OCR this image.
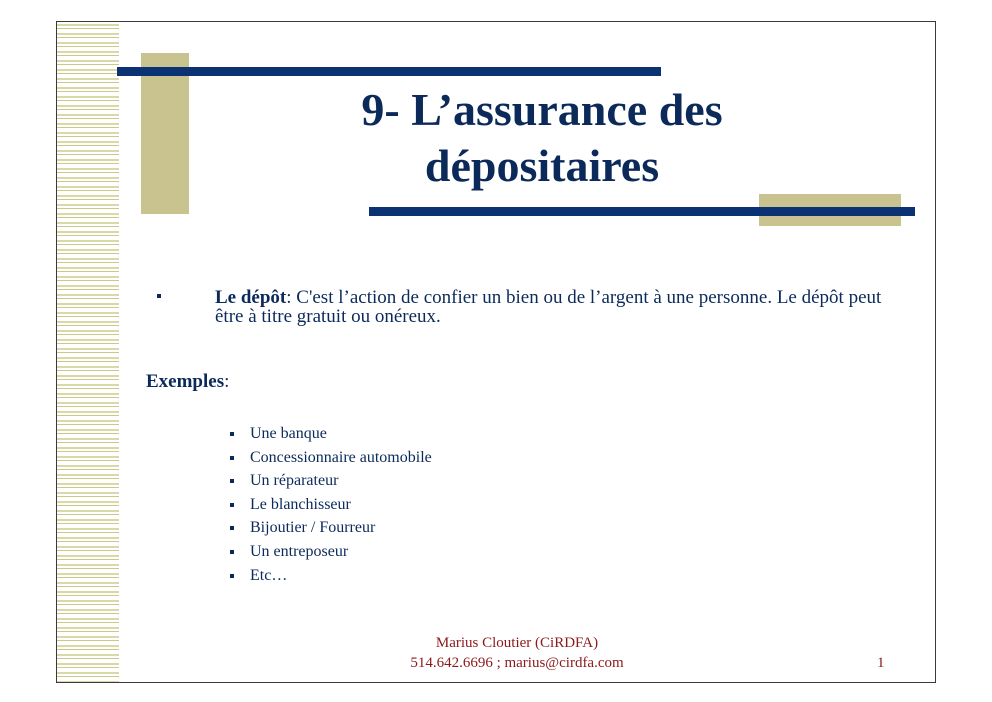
9- L’assurance des
dépositaires
Le dépôt: C'est l’action de confier un bien ou de l’argent à une personne. Le dépôt peut être à titre gratuit ou onéreux.
Exemples:
Une banque
Concessionnaire automobile
Un réparateur
Le blanchisseur
Bijoutier / Fourreur
Un entreposeur
Etc…
Marius Cloutier (CiRDFA)
514.642.6696 ; marius@cirdfa.com	1
